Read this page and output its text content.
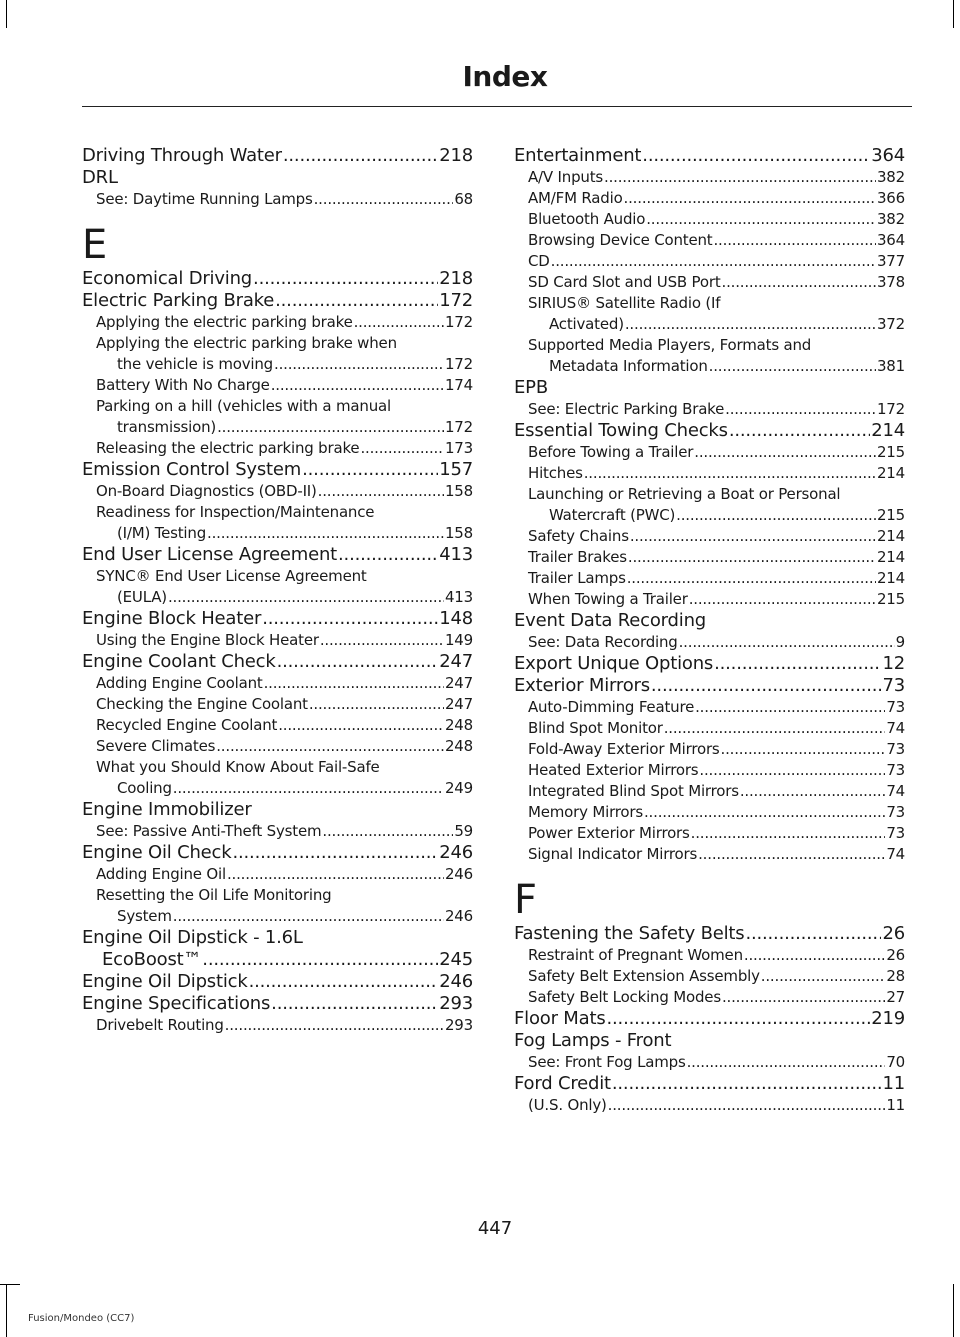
Index
Driving Through Water .....	218
DRL
See: Daytime Running Lamps .....	68
E
Economical Driving .....	218
Electric Parking Brake .....	172
Applying the electric parking brake .....	172
Applying the electric parking brake when
the vehicle is moving .....	172
Battery With No Charge .....	174
Parking on a hill (vehicles with a manual
transmission) .....	172
Releasing the electric parking brake .....	173
Emission Control System .....	157
On-Board Diagnostics (OBD-II) .....	158
Readiness for Inspection/Maintenance
(I/M) Testing .....	158
End User License Agreement .....	413
SYNC® End User License Agreement
(EULA) .....	413
Engine Block Heater .....	148
Using the Engine Block Heater .....	149
Engine Coolant Check .....	247
Adding Engine Coolant .....	247
Checking the Engine Coolant .....	247
Recycled Engine Coolant .....	248
Severe Climates .....	248
What you Should Know About Fail-Safe
Cooling .....	249
Engine Immobilizer
See: Passive Anti-Theft System .....	59
Engine Oil Check .....	246
Adding Engine Oil .....	246
Resetting the Oil Life Monitoring
System .....	246
Engine Oil Dipstick - 1.6L
EcoBoost™ .....	245
Engine Oil Dipstick .....	246
Engine Specifications .....	293
Drivebelt Routing .....	293
Entertainment .....	364
A/V Inputs .....	382
AM/FM Radio .....	366
Bluetooth Audio .....	382
Browsing Device Content .....	364
CD .....	377
SD Card Slot and USB Port .....	378
SIRIUS® Satellite Radio (If
Activated) .....	372
Supported Media Players, Formats and
Metadata Information .....	381
EPB
See: Electric Parking Brake .....	172
Essential Towing Checks .....	214
Before Towing a Trailer .....	215
Hitches .....	214
Launching or Retrieving a Boat or Personal
Watercraft (PWC) .....	215
Safety Chains .....	214
Trailer Brakes .....	214
Trailer Lamps .....	214
When Towing a Trailer .....	215
Event Data Recording
See: Data Recording .....	9
Export Unique Options .....	12
Exterior Mirrors .....	73
Auto-Dimming Feature .....	73
Blind Spot Monitor .....	74
Fold-Away Exterior Mirrors .....	73
Heated Exterior Mirrors .....	73
Integrated Blind Spot Mirrors .....	74
Memory Mirrors .....	73
Power Exterior Mirrors .....	73
Signal Indicator Mirrors .....	74
F
Fastening the Safety Belts .....	26
Restraint of Pregnant Women .....	26
Safety Belt Extension Assembly .....	28
Safety Belt Locking Modes .....	27
Floor Mats .....	219
Fog Lamps - Front
See: Front Fog Lamps .....	70
Ford Credit .....	11
(U.S. Only) .....	11
447
Fusion/Mondeo (CC7)
